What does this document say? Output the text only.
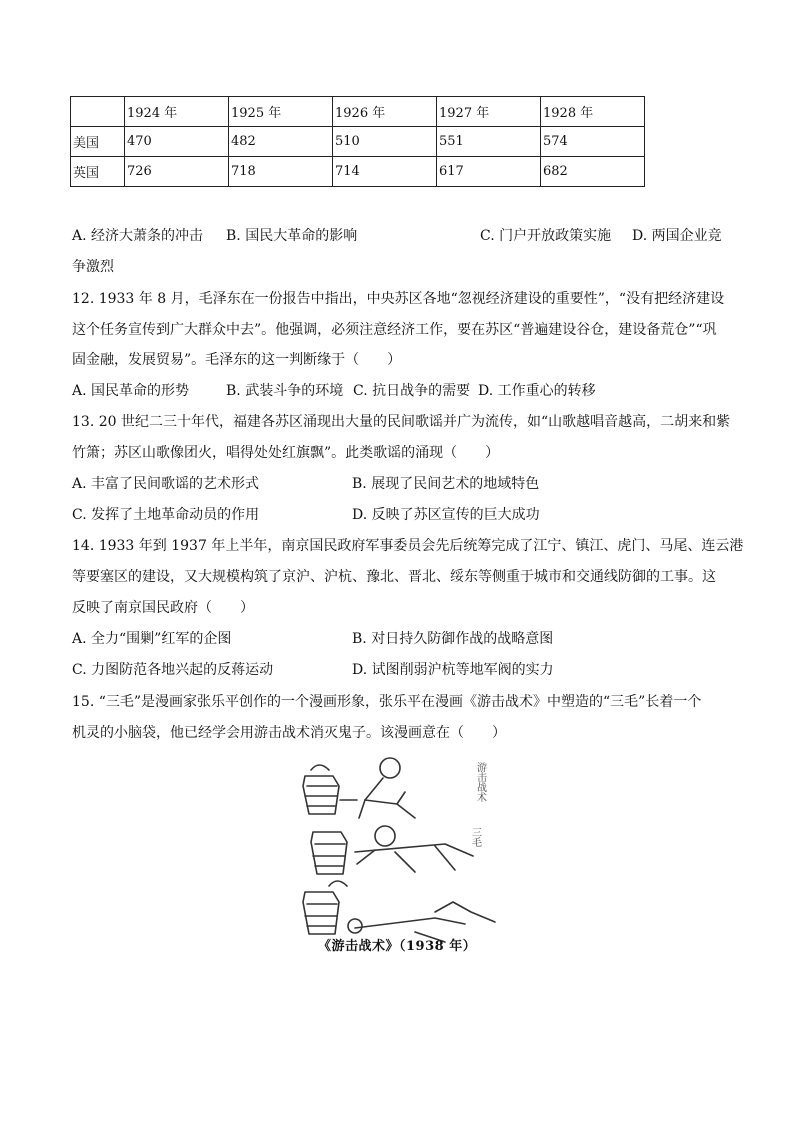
	1924 年	1925 年	1926 年	1927 年	1928 年
美国	470	482	510	551	574
英国	726	718	714	617	682
A. 经济大萧条的冲击 B. 国民大革命的影响	C. 门户开放政策实施 D. 两国企业竞
争激烈
12. 1933 年 8 月，毛泽东在一份报告中指出，中央苏区各地“忽视经济建设的重要性”，“没有把经济建设
这个任务宣传到广大群众中去”。他强调，必须注意经济工作，要在苏区“普遍建设谷仓，建设备荒仓”“巩
固金融，发展贸易”。毛泽东的这一判断缘于（　　）
A. 国民革命的形势	B. 武装斗争的环境 C. 抗日战争的需要 D. 工作重心的转移
13. 20 世纪二三十年代，福建各苏区涌现出大量的民间歌谣并广为流传，如“山歌越唱音越高，二胡来和紫
竹箫；苏区山歌像团火，唱得处处红旗飘”。此类歌谣的涌现（　　）
A. 丰富了民间歌谣的艺术形式	B. 展现了民间艺术的地域特色
C. 发挥了土地革命动员的作用	D. 反映了苏区宣传的巨大成功
14. 1933 年到 1937 年上半年，南京国民政府军事委员会先后统筹完成了江宁、镇江、虎门、马尾、连云港
等要塞区的建设，又大规模构筑了京沪、沪杭、豫北、晋北、绥东等侧重于城市和交通线防御的工事。这
反映了南京国民政府（　　）
A. 全力“围剿”红军的企图	B. 对日持久防御作战的战略意图
C. 力图防范各地兴起的反蒋运动	D. 试图削弱沪杭等地军阀的实力
15. “三毛”是漫画家张乐平创作的一个漫画形象，张乐平在漫画《游击战术》中塑造的“三毛”长着一个
机灵的小脑袋，他已经学会用游击战术消灭鬼子。该漫画意在（　　）
游击战术
三毛
《游击战术》（1938 年）
